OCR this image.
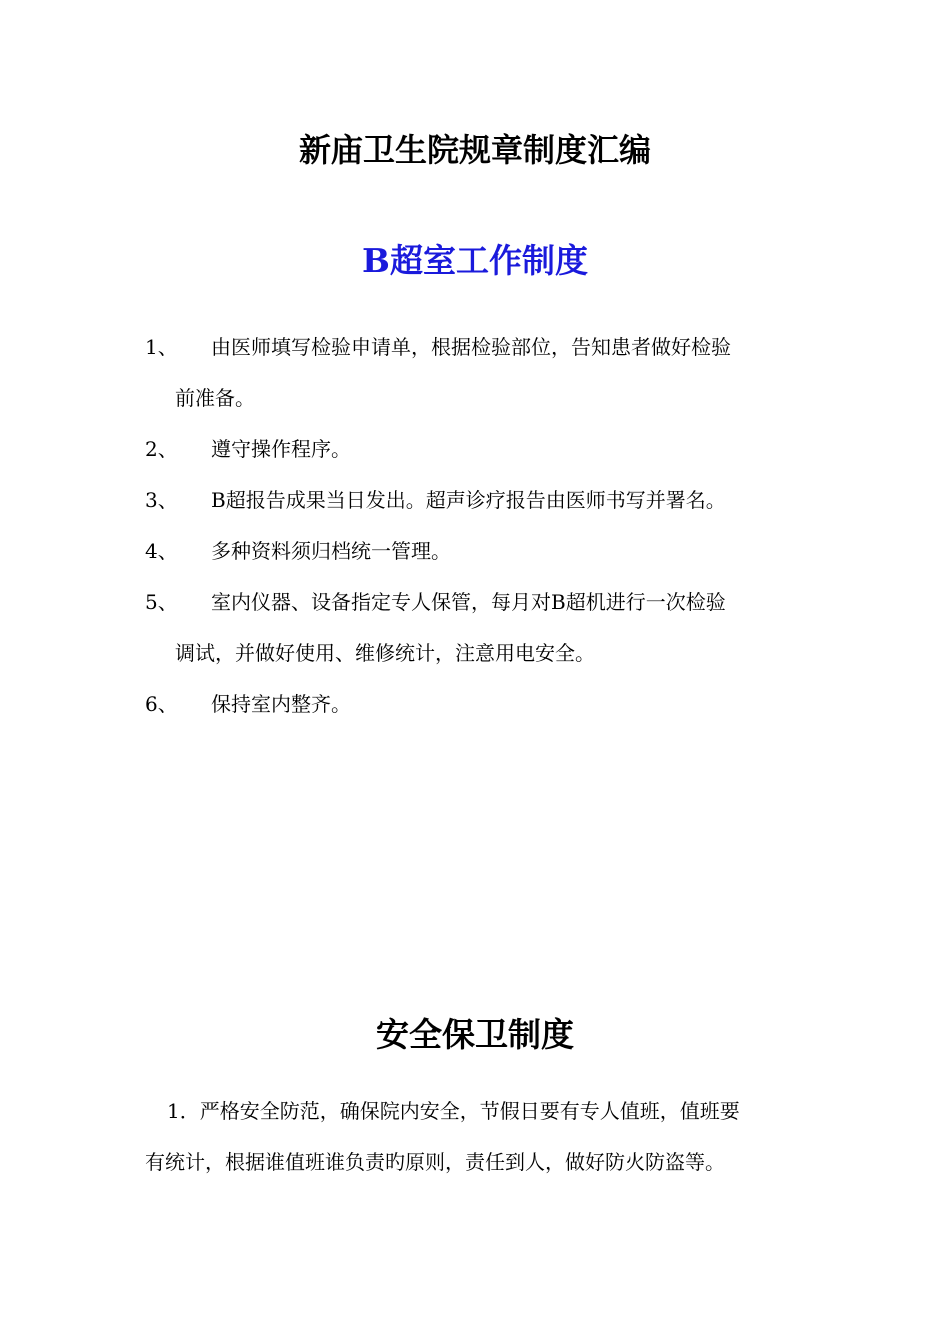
新庙卫生院规章制度汇编
B超室工作制度
1、 由医师填写检验申请单，根据检验部位，告知患者做好检验
前准备。
2、 遵守操作程序。
3、 B超报告成果当日发出。超声诊疗报告由医师书写并署名。
4、 多种资料须归档统一管理。
5、 室内仪器、设备指定专人保管，每月对B超机进行一次检验
调试，并做好使用、维修统计，注意用电安全。
6、 保持室内整齐。
安全保卫制度

1．严格安全防范，确保院内安全，节假日要有专人值班，值班要
有统计，根据谁值班谁负责旳原则，责任到人，做好防火防盗等。
